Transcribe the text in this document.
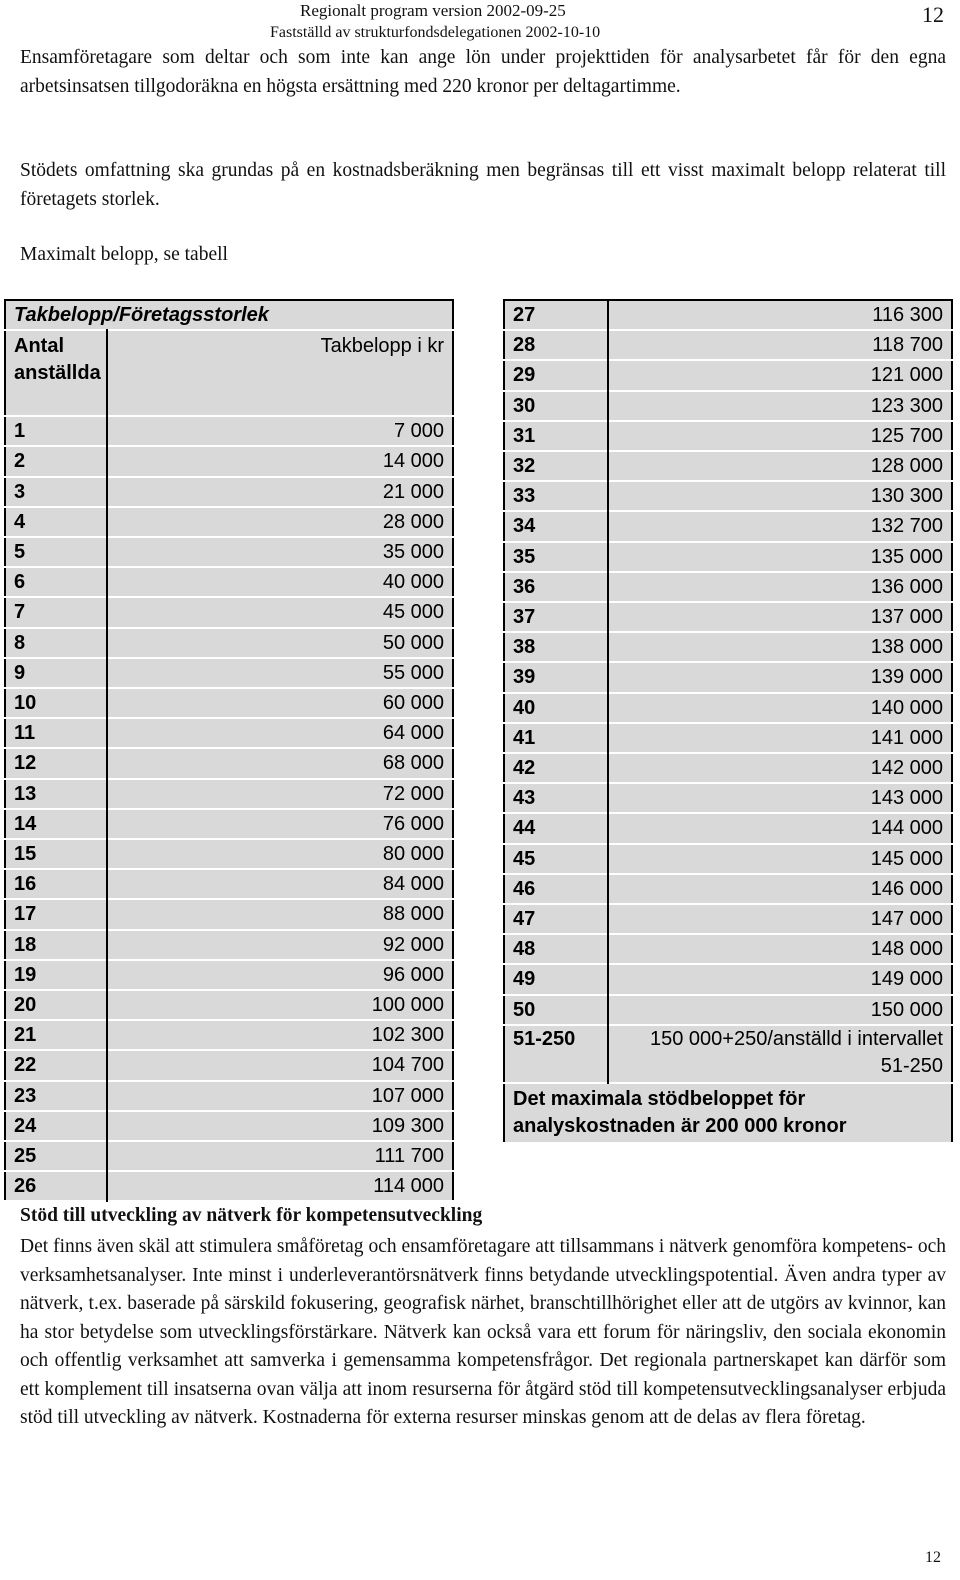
Regionalt program version 2002-09-25
Fastställd av strukturfondsdelegationen 2002-10-10
12

Ensamföretagare som deltar och som inte kan ange lön under projekttiden för analysarbetet får för den egna arbetsinsatsen tillgodoräkna en högsta ersättning med 220 kronor per deltagartimme.

Stödets omfattning ska grundas på en kostnadsberäkning men begränsas till ett visst maximalt belopp relaterat till företagets storlek.

Maximalt belopp, se tabell

Takbelopp/Företagsstorlek	

Antal anställda	Takbelopp i kr
1	7 000
2	14 000
3	21 000
4	28 000
5	35 000
6	40 000
7	45 000
8	50 000
9	55 000
10	60 000
11	64 000
12	68 000
13	72 000
14	76 000
15	80 000
16	84 000
17	88 000
18	92 000
19	96 000
20	100 000
21	102 300
22	104 700
23	107 000
24	109 300
25	111 700
26	114 000
27	116 300
28	118 700
29	121 000
30	123 300
31	125 700
32	128 000
33	130 300
34	132 700
35	135 000
36	136 000
37	137 000
38	138 000
39	139 000
40	140 000
41	141 000
42	142 000
43	143 000
44	144 000
45	145 000
46	146 000
47	147 000
48	148 000
49	149 000
50	150 000
51-250	150 000+250/anställd i intervallet 51-250
Det maximala stödbeloppet för analyskostnaden är 200 000 kronor	
Stöd till utveckling av nätverk för kompetensutveckling

Det finns även skäl att stimulera småföretag och ensamföretagare att tillsammans i nätverk genomföra kompetens- och verksamhetsanalyser. Inte minst i underleverantörsnätverk finns betydande utvecklingspotential. Även andra typer av nätverk, t.ex. baserade på särskild fokusering, geografisk närhet, branschtillhörighet eller att de utgörs av kvinnor, kan ha stor betydelse som utvecklingsförstärkare. Nätverk kan också vara ett forum för näringsliv, den sociala ekonomin och offentlig verksamhet att samverka i gemensamma kompetensfrågor. Det regionala partnerskapet kan därför som ett komplement till insatserna ovan välja att inom resurserna för åtgärd stöd till kompetensutvecklingsanalyser erbjuda stöd till utveckling av nätverk. Kostnaderna för externa resurser minskas genom att de delas av flera företag.

12
